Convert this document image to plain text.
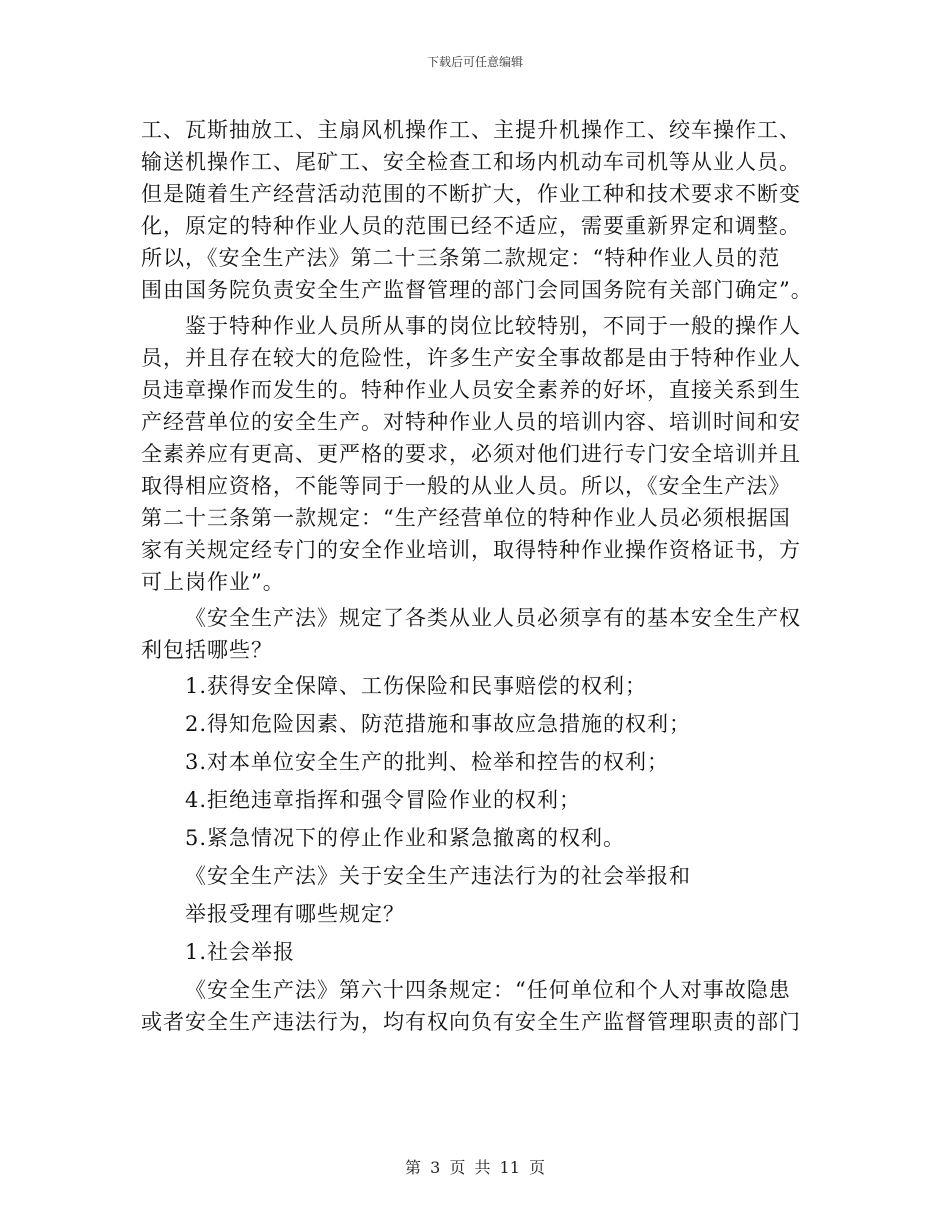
下载后可任意编辑
工、瓦斯抽放工、主扇风机操作工、主提升机操作工、绞车操作工、
输送机操作工、尾矿工、安全检查工和场内机动车司机等从业人员。
但是随着生产经营活动范围的不断扩大，作业工种和技术要求不断变
化，原定的特种作业人员的范围已经不适应，需要重新界定和调整。
所以，《安全生产法》第二十三条第二款规定：“特种作业人员的范
围由国务院负责安全生产监督管理的部门会同国务院有关部门确定”。
鉴于特种作业人员所从事的岗位比较特别，不同于一般的操作人
员，并且存在较大的危险性，许多生产安全事故都是由于特种作业人
员违章操作而发生的。特种作业人员安全素养的好坏，直接关系到生
产经营单位的安全生产。对特种作业人员的培训内容、培训时间和安
全素养应有更高、更严格的要求，必须对他们进行专门安全培训并且
取得相应资格，不能等同于一般的从业人员。所以，《安全生产法》
第二十三条第一款规定：“生产经营单位的特种作业人员必须根据国
家有关规定经专门的安全作业培训，取得特种作业操作资格证书，方
可上岗作业”。
《安全生产法》规定了各类从业人员必须享有的基本安全生产权
利包括哪些？
1.获得安全保障、工伤保险和民事赔偿的权利；
2.得知危险因素、防范措施和事故应急措施的权利；
3.对本单位安全生产的批判、检举和控告的权利；
4.拒绝违章指挥和强令冒险作业的权利；
5.紧急情况下的停止作业和紧急撤离的权利。
《安全生产法》关于安全生产违法行为的社会举报和
举报受理有哪些规定？
1.社会举报
《安全生产法》第六十四条规定：“任何单位和个人对事故隐患
或者安全生产违法行为，均有权向负有安全生产监督管理职责的部门
第 3 页 共 11 页
